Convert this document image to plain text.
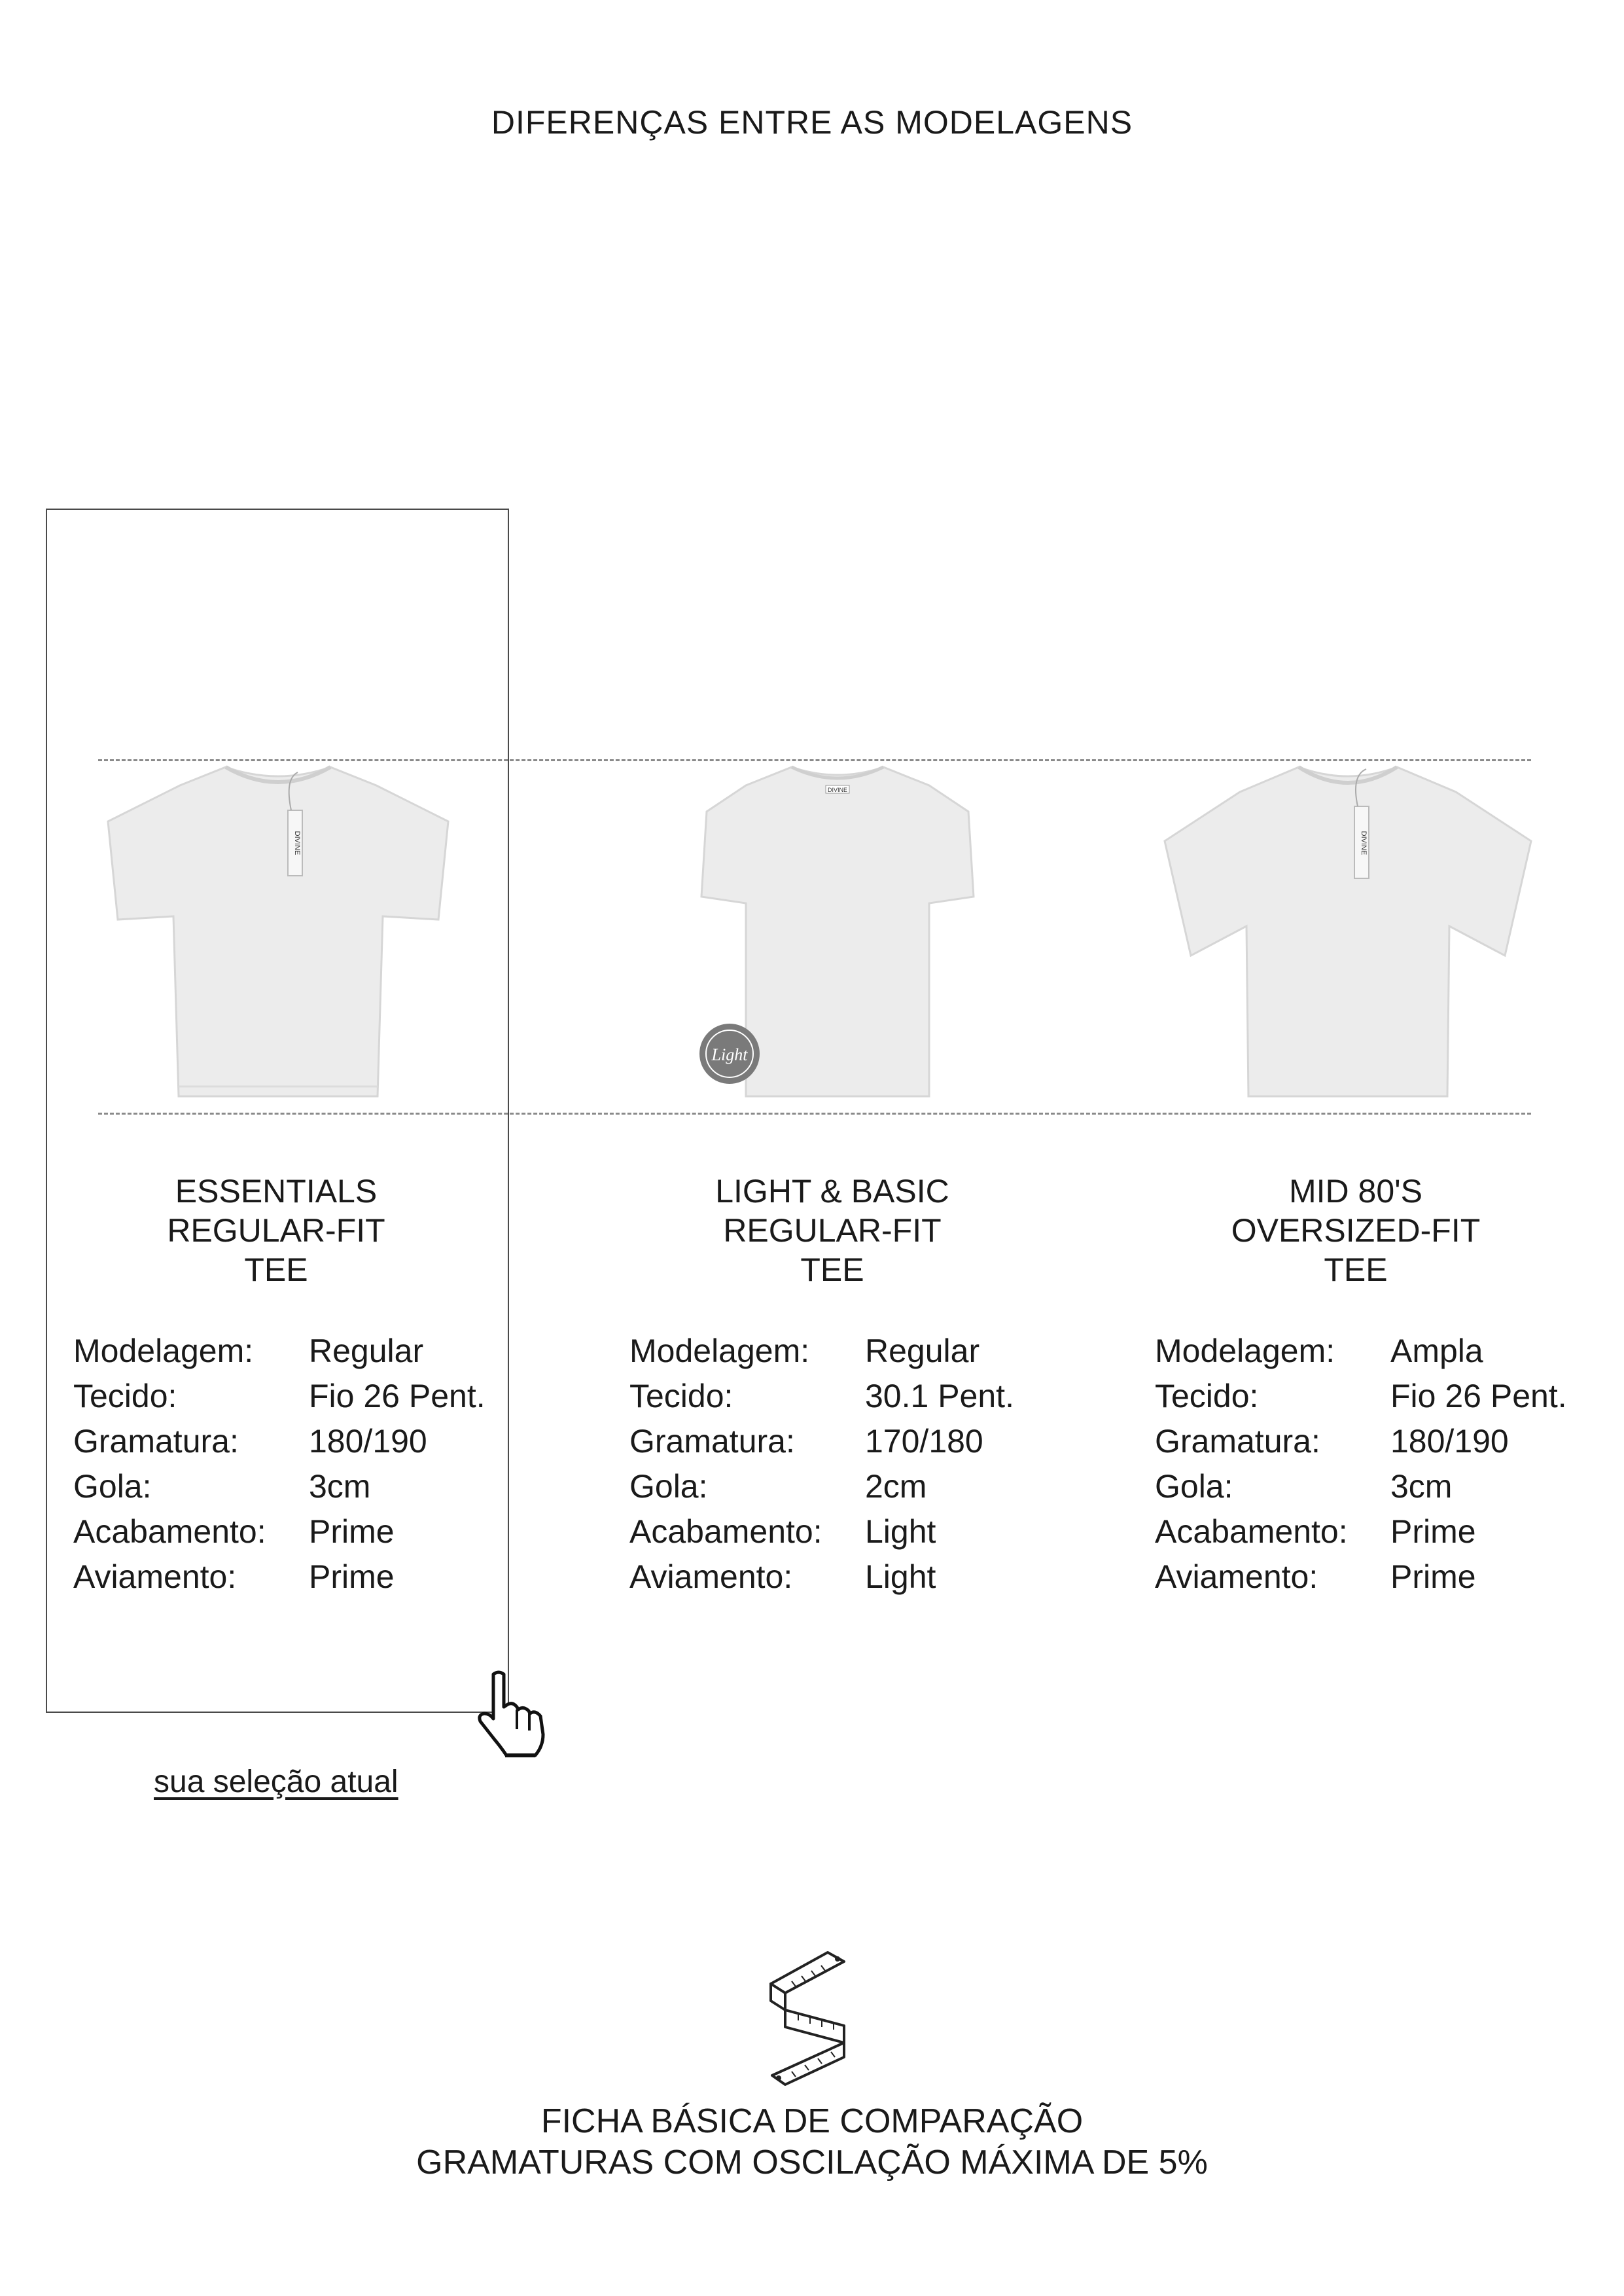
DIFERENÇAS ENTRE AS MODELAGENS
DIVINE
DIVINE
Light
DIVINE
ESSENTIALS
REGULAR-FIT
TEE
LIGHT & BASIC
REGULAR-FIT
TEE
MID 80'S
OVERSIZED-FIT
TEE
Modelagem:	Regular
Tecido:	Fio 26 Pent.
Gramatura:	180/190
Gola:	3cm
Acabamento:	Prime
Aviamento:	Prime
Modelagem:	Regular
Tecido:	30.1 Pent.
Gramatura:	170/180
Gola:	2cm
Acabamento:	Light
Aviamento:	Light
Modelagem:	Ampla
Tecido:	Fio 26 Pent.
Gramatura:	180/190
Gola:	3cm
Acabamento:	Prime
Aviamento:	Prime
sua seleção atual
FICHA BÁSICA DE COMPARAÇÃO
GRAMATURAS COM OSCILAÇÃO MÁXIMA DE 5%
